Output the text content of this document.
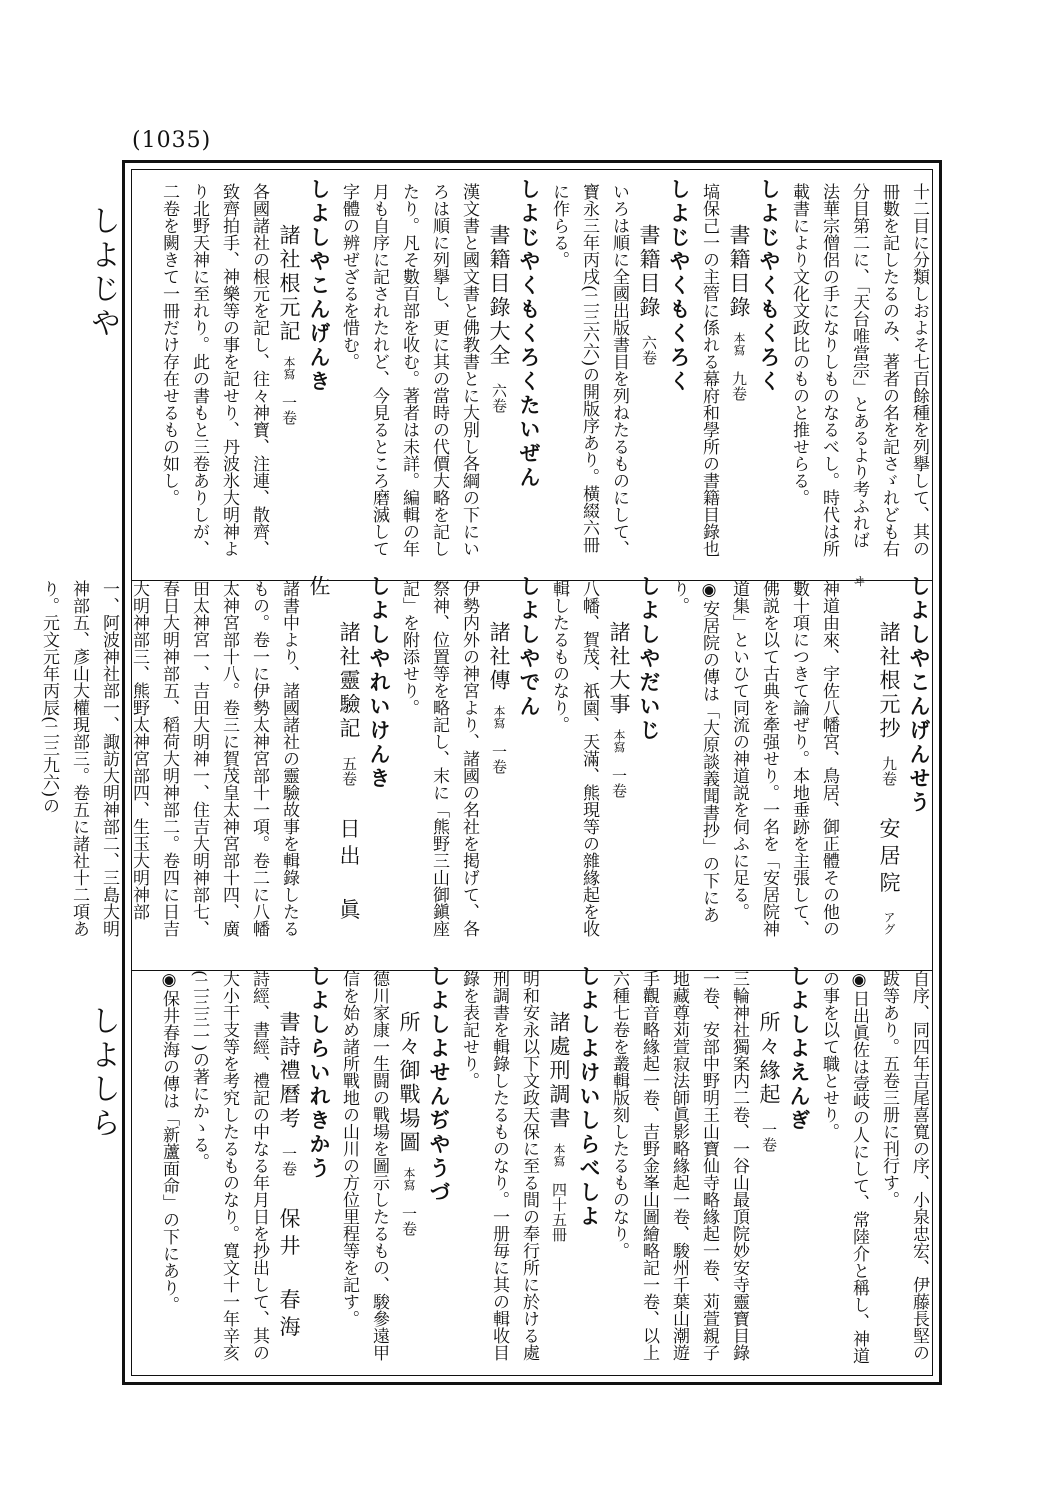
(1035)
しよじや
しよしら
十二目に分類しおよそ七百餘種を列擧して、其の冊數を記したるのみ、著者の名を記さゞれども右分目第二に、「天台唯當宗」とあるより考ふれば法華宗僧侶の手になりしものなるべし。時代は所載書により文化文政比のものと推せらる。
しよじやくもくろく
書籍目錄本寫九卷
塙保己一の主管に係れる幕府和學所の書籍目錄也
しよじやくもくろく
書籍目錄六卷
いろは順に全國出版書目を列ねたるものにして、寶永三年丙戌(二三六六)の開版序あり。橫綴六冊に作らる。
しよじやくもくろくたいぜん
書籍目錄大全六卷
漢文書と國文書と佛教書とに大別し各綱の下にいろは順に列擧し、更に其の當時の代價大略を記したり。凡そ數百部を收む。著者は未詳。編輯の年月も自序に記されたれど、今見るところ磨滅して字體の辨ぜざるを惜む。
しよしやこんげんき
諸社根元記本寫一卷
各國諸社の根元を記し、往々神寶、注連、散齊、致齊拍手、神樂等の事を記せり、丹波氷大明神より北野天神に至れり。此の書もと三卷ありしが、二卷を闕きて一冊だけ存在せるもの如し。
しよしやこんげんせう
諸社根元抄九卷安居院アグヰ
神道由來、宇佐八幡宮、鳥居、御正體その他の數十項につきて論ぜり。本地垂跡を主張して、佛説を以て古典を牽强せり。一名を「安居院神道集」といひて同流の神道説を伺ふに足る。
◉安居院の傳は「大原談義聞書抄」の下にあり。
しよしやだいじ
諸社大事本寫一卷
八幡、賀茂、祇園、天滿、熊現等の雜緣起を收輯したるものなり。
しよしやでん
諸社傳本寫一卷
伊勢内外の神宮より、諸國の名社を掲げて、各祭神、位置等を略記し、末に「熊野三山御鎭座記」を附添せり。
しよしやれいけんき
諸社靈驗記五卷日出　眞佐
諸書中より、諸國諸社の靈驗故事を輯錄したるもの。卷一に伊勢太神宮部十一項。卷二に八幡太神宮部十八。卷三に賀茂皇太神宮部十四、廣田太神宮一、吉田大明神一、住吉大明神部七、春日大明神部五、稻荷大明神部二。卷四に日吉大明神部三、熊野太神宮部四、生玉大明神部一、阿波神社部一、諏訪大明神部二、三島大明神部五、彥山大權現部三。卷五に諸社十二項あり。元文元年丙辰(二三九六)の
自序、同四年吉尾喜寬の序、小泉忠宏、伊藤長堅の跋等あり。五卷三册に刊行す。
◉日出眞佐は壹岐の人にして、常陸介と稱し、神道の事を以て職とせり。
しよしよえんぎ
所々緣起一卷
三輪神社獨案内二卷、一谷山最頂院妙安寺靈寶目錄一卷、安部中野明王山寶仙寺略緣起一卷、苅萱親子地藏尊苅萱寂法師眞影略緣起一卷、駿州千葉山潮遊手觀音略緣起一卷、吉野金峯山圖繪略記一卷、以上六種七卷を叢輯版刻したるものなり。
しよしよけいしらべしよ
諸處刑調書本寫四十五冊
明和安永以下文政天保に至る間の奉行所に於ける處刑調書を輯錄したるものなり。一册毎に其の輯收目錄を表記せり。
しよしよせんぢやうづ
所々御戰場圖本寫一卷
德川家康一生闘の戰場を圖示したるもの、駿參遠甲信を始め諸所戰地の山川の方位里程等を記す。
しよしらいれきかう
書詩禮曆考一卷保井　春海
詩經、書經、禮記の中なる年月日を抄出して、其の大小干支等を考究したるものなり。寬文十一年辛亥(二三三一)の著にかゝる。
◉保井春海の傳は「新蘆面命」の下にあり。
